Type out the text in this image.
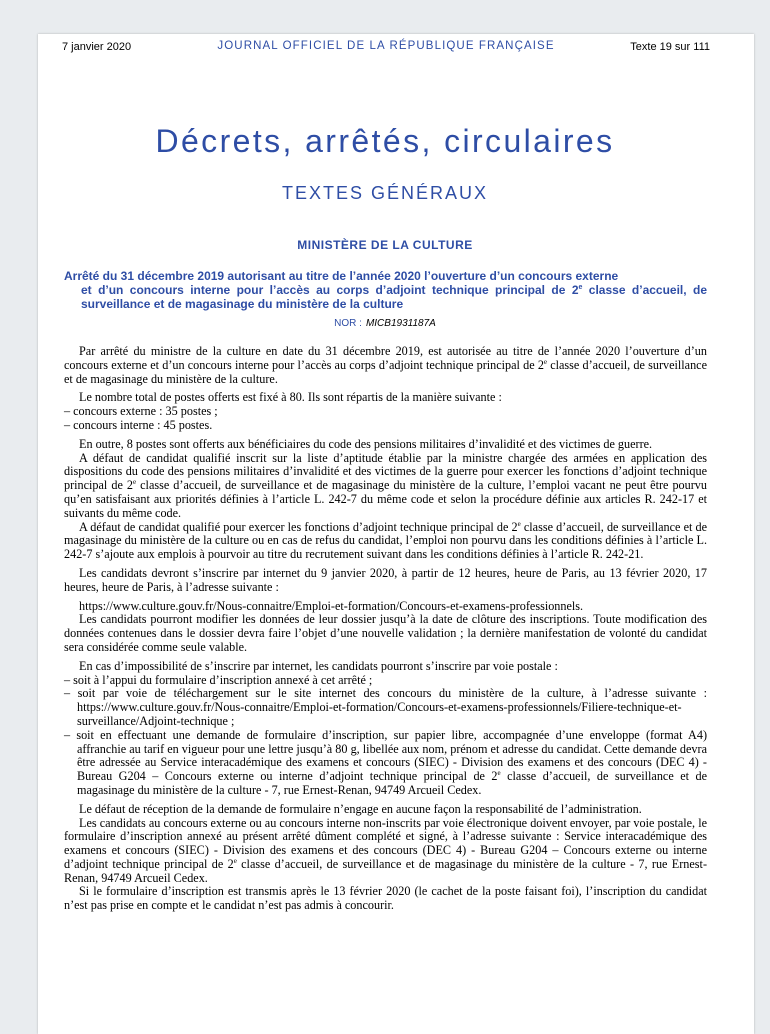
7 janvier 2020	JOURNAL OFFICIEL DE LA RÉPUBLIQUE FRANÇAISE	Texte 19 sur 111
Décrets, arrêtés, circulaires
TEXTES GÉNÉRAUX
MINISTÈRE DE LA CULTURE
Arrêté du 31 décembre 2019 autorisant au titre de l’année 2020 l’ouverture d’un concours externe
et d’un concours interne pour l’accès au corps d’adjoint technique principal de 2e classe d’accueil, de surveillance et de magasinage du ministère de la culture
NOR : MICB1931187A

Par arrêté du ministre de la culture en date du 31 décembre 2019, est autorisée au titre de l’année 2020 l’ouverture d’un concours externe et d’un concours interne pour l’accès au corps d’adjoint technique principal de 2e classe d’accueil, de surveillance et de magasinage du ministère de la culture.

Le nombre total de postes offerts est fixé à 80. Ils sont répartis de la manière suivante :

– concours externe : 35 postes ;

– concours interne : 45 postes.

En outre, 8 postes sont offerts aux bénéficiaires du code des pensions militaires d’invalidité et des victimes de guerre.

A défaut de candidat qualifié inscrit sur la liste d’aptitude établie par la ministre chargée des armées en application des dispositions du code des pensions militaires d’invalidité et des victimes de la guerre pour exercer les fonctions d’adjoint technique principal de 2e classe d’accueil, de surveillance et de magasinage du ministère de la culture, l’emploi vacant ne peut être pourvu qu’en satisfaisant aux priorités définies à l’article L. 242-7 du même code et selon la procédure définie aux articles R. 242-17 et suivants du même code.

A défaut de candidat qualifié pour exercer les fonctions d’adjoint technique principal de 2e classe d’accueil, de surveillance et de magasinage du ministère de la culture ou en cas de refus du candidat, l’emploi non pourvu dans les conditions définies à l’article L. 242-7 s’ajoute aux emplois à pourvoir au titre du recrutement suivant dans les conditions définies à l’article R. 242-21.

Les candidats devront s’inscrire par internet du 9 janvier 2020, à partir de 12 heures, heure de Paris, au 13 février 2020, 17 heures, heure de Paris, à l’adresse suivante :

https://www.culture.gouv.fr/Nous-connaitre/Emploi-et-formation/Concours-et-examens-professionnels.

Les candidats pourront modifier les données de leur dossier jusqu’à la date de clôture des inscriptions. Toute modification des données contenues dans le dossier devra faire l’objet d’une nouvelle validation ; la dernière manifestation de volonté du candidat sera considérée comme seule valable.

En cas d’impossibilité de s’inscrire par internet, les candidats pourront s’inscrire par voie postale :

– soit à l’appui du formulaire d’inscription annexé à cet arrêté ;

– soit par voie de téléchargement sur le site internet des concours du ministère de la culture, à l’adresse suivante : https://www.culture.gouv.fr/Nous-connaitre/Emploi-et-formation/Concours-et-examens-professionnels/Filiere-technique-et-surveillance/Adjoint-technique ;

– soit en effectuant une demande de formulaire d’inscription, sur papier libre, accompagnée d’une enveloppe (format A4) affranchie au tarif en vigueur pour une lettre jusqu’à 80 g, libellée aux nom, prénom et adresse du candidat. Cette demande devra être adressée au Service interacadémique des examens et concours (SIEC) - Division des examens et des concours (DEC 4) - Bureau G204 – Concours externe ou interne d’adjoint technique principal de 2e classe d’accueil, de surveillance et de magasinage du ministère de la culture - 7, rue Ernest-Renan, 94749 Arcueil Cedex.

Le défaut de réception de la demande de formulaire n’engage en aucune façon la responsabilité de l’administration.

Les candidats au concours externe ou au concours interne non-inscrits par voie électronique doivent envoyer, par voie postale, le formulaire d’inscription annexé au présent arrêté dûment complété et signé, à l’adresse suivante : Service interacadémique des examens et concours (SIEC) - Division des examens et des concours (DEC 4) - Bureau G204 – Concours externe ou interne d’adjoint technique principal de 2e classe d’accueil, de surveillance et de magasinage du ministère de la culture - 7, rue Ernest-Renan, 94749 Arcueil Cedex.

Si le formulaire d’inscription est transmis après le 13 février 2020 (le cachet de la poste faisant foi), l’inscription du candidat n’est pas prise en compte et le candidat n’est pas admis à concourir.
